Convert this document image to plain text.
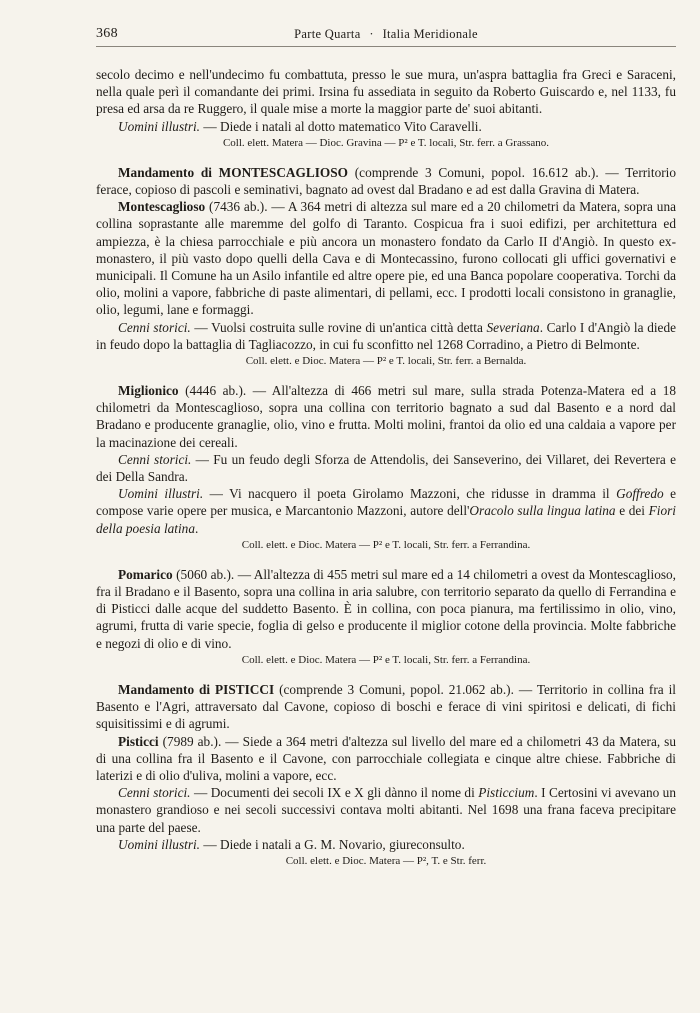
368	Parte Quarta · Italia Meridionale

secolo decimo e nell'undecimo fu combattuta, presso le sue mura, un'aspra battaglia fra Greci e Saraceni, nella quale perì il comandante dei primi. Irsina fu assediata in seguito da Roberto Guiscardo e, nel 1133, fu presa ed arsa da re Ruggero, il quale mise a morte la maggior parte de' suoi abitanti.

Uomini illustri. — Diede i natali al dotto matematico Vito Caravelli.

Coll. elett. Matera — Dioc. Gravina — P² e T. locali, Str. ferr. a Grassano.

Mandamento di MONTESCAGLIOSO (comprende 3 Comuni, popol. 16.612 ab.). — Territorio ferace, copioso di pascoli e seminativi, bagnato ad ovest dal Bradano e ad est dalla Gravina di Matera.

Montescaglioso (7436 ab.). — A 364 metri di altezza sul mare ed a 20 chilometri da Matera, sopra una collina soprastante alle maremme del golfo di Taranto. Cospicua fra i suoi edifizi, per architettura ed ampiezza, è la chiesa parrocchiale e più ancora un monastero fondato da Carlo II d'Angiò. In questo ex-monastero, il più vasto dopo quelli della Cava e di Montecassino, furono collocati gli uffici governativi e municipali. Il Comune ha un Asilo infantile ed altre opere pie, ed una Banca popolare cooperativa. Torchi da olio, molini a vapore, fabbriche di paste alimentari, di pellami, ecc. I prodotti locali consistono in granaglie, olio, legumi, lane e formaggi.

Cenni storici. — Vuolsi costruita sulle rovine di un'antica città detta Severiana. Carlo I d'Angiò la diede in feudo dopo la battaglia di Tagliacozzo, in cui fu sconfitto nel 1268 Corradino, a Pietro di Belmonte.

Coll. elett. e Dioc. Matera — P² e T. locali, Str. ferr. a Bernalda.

Miglionico (4446 ab.). — All'altezza di 466 metri sul mare, sulla strada Potenza-Matera ed a 18 chilometri da Montescaglioso, sopra una collina con territorio bagnato a sud dal Basento e a nord dal Bradano e producente granaglie, olio, vino e frutta. Molti molini, frantoi da olio ed una caldaia a vapore per la macinazione dei cereali.

Cenni storici. — Fu un feudo degli Sforza de Attendolis, dei Sanseverino, dei Villaret, dei Revertera e dei Della Sandra.

Uomini illustri. — Vi nacquero il poeta Girolamo Mazzoni, che ridusse in dramma il Goffredo e compose varie opere per musica, e Marcantonio Mazzoni, autore dell'Oracolo sulla lingua latina e dei Fiori della poesia latina.

Coll. elett. e Dioc. Matera — P² e T. locali, Str. ferr. a Ferrandina.

Pomarico (5060 ab.). — All'altezza di 455 metri sul mare ed a 14 chilometri a ovest da Montescaglioso, fra il Bradano e il Basento, sopra una collina in aria salubre, con territorio separato da quello di Ferrandina e di Pisticci dalle acque del suddetto Basento. È in collina, con poca pianura, ma fertilissimo in olio, vino, agrumi, frutta di varie specie, foglia di gelso e producente il miglior cotone della provincia. Molte fabbriche e negozi di olio e di vino.

Coll. elett. e Dioc. Matera — P² e T. locali, Str. ferr. a Ferrandina.

Mandamento di PISTICCI (comprende 3 Comuni, popol. 21.062 ab.). — Territorio in collina fra il Basento e l'Agri, attraversato dal Cavone, copioso di boschi e ferace di vini spiritosi e delicati, di fichi squisitissimi e di agrumi.

Pisticci (7989 ab.). — Siede a 364 metri d'altezza sul livello del mare ed a chilometri 43 da Matera, su di una collina fra il Basento e il Cavone, con parrocchiale collegiata e cinque altre chiese. Fabbriche di laterizi e di olio d'uliva, molini a vapore, ecc.

Cenni storici. — Documenti dei secoli IX e X gli dànno il nome di Pisticcium. I Certosini vi avevano un monastero grandioso e nei secoli successivi contava molti abitanti. Nel 1698 una frana faceva precipitare una parte del paese.

Uomini illustri. — Diede i natali a G. M. Novario, giureconsulto.

Coll. elett. e Dioc. Matera — P², T. e Str. ferr.
